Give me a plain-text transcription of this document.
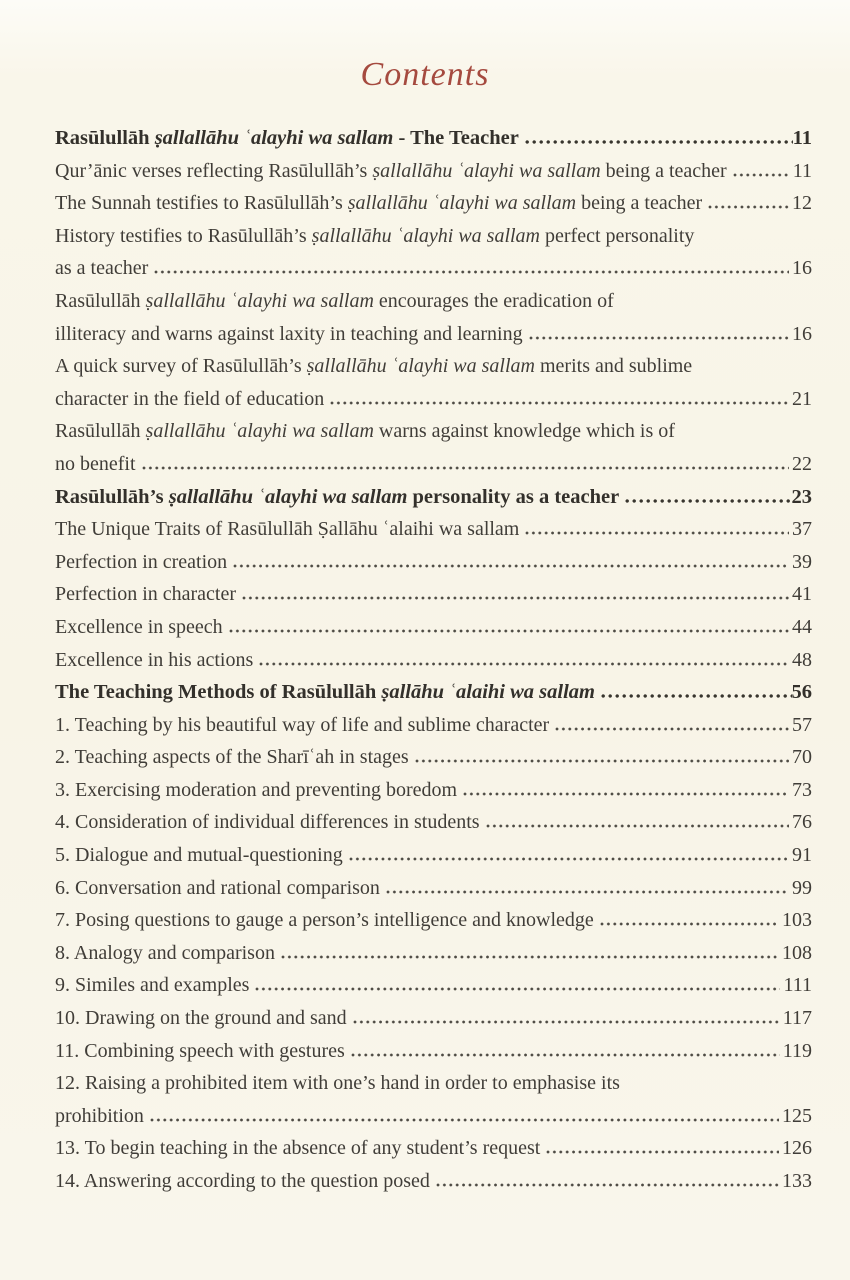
Contents
Rasūlullāh ṣallallāhu ʿalayhi wa sallam - The Teacher	11
Qur’ānic verses reflecting Rasūlullāh’s ṣallallāhu ʿalayhi wa sallam being a teacher	11
The Sunnah testifies to Rasūlullāh’s ṣallallāhu ʿalayhi wa sallam being a teacher	12
History testifies to Rasūlullāh’s ṣallallāhu ʿalayhi wa sallam perfect personality
as a teacher	16
Rasūlullāh ṣallallāhu ʿalayhi wa sallam encourages the eradication of
illiteracy and warns against laxity in teaching and learning	16
A quick survey of Rasūlullāh’s ṣallallāhu ʿalayhi wa sallam merits and sublime
character in the field of education	21
Rasūlullāh ṣallallāhu ʿalayhi wa sallam warns against knowledge which is of
no benefit	22
Rasūlullāh’s ṣallallāhu ʿalayhi wa sallam personality as a teacher	23
The Unique Traits of Rasūlullāh Ṣallāhu ʿalaihi wa sallam	37
Perfection in creation	39
Perfection in character	41
Excellence in speech	44
Excellence in his actions	48
The Teaching Methods of Rasūlullāh ṣallāhu ʿalaihi wa sallam	56
1. Teaching by his beautiful way of life and sublime character	57
2. Teaching aspects of the Sharīʿah in stages	70
3. Exercising moderation and preventing boredom	73
4. Consideration of individual differences in students	76
5. Dialogue and mutual-questioning	91
6. Conversation and rational comparison	99
7. Posing questions to gauge a person’s intelligence and knowledge	103
8. Analogy and comparison	108
9. Similes and examples	111
10. Drawing on the ground and sand	117
11. Combining speech with gestures	119
12. Raising a prohibited item with one’s hand in order to emphasise its
prohibition	125
13. To begin teaching in the absence of any student’s request	126
14. Answering according to the question posed	133
